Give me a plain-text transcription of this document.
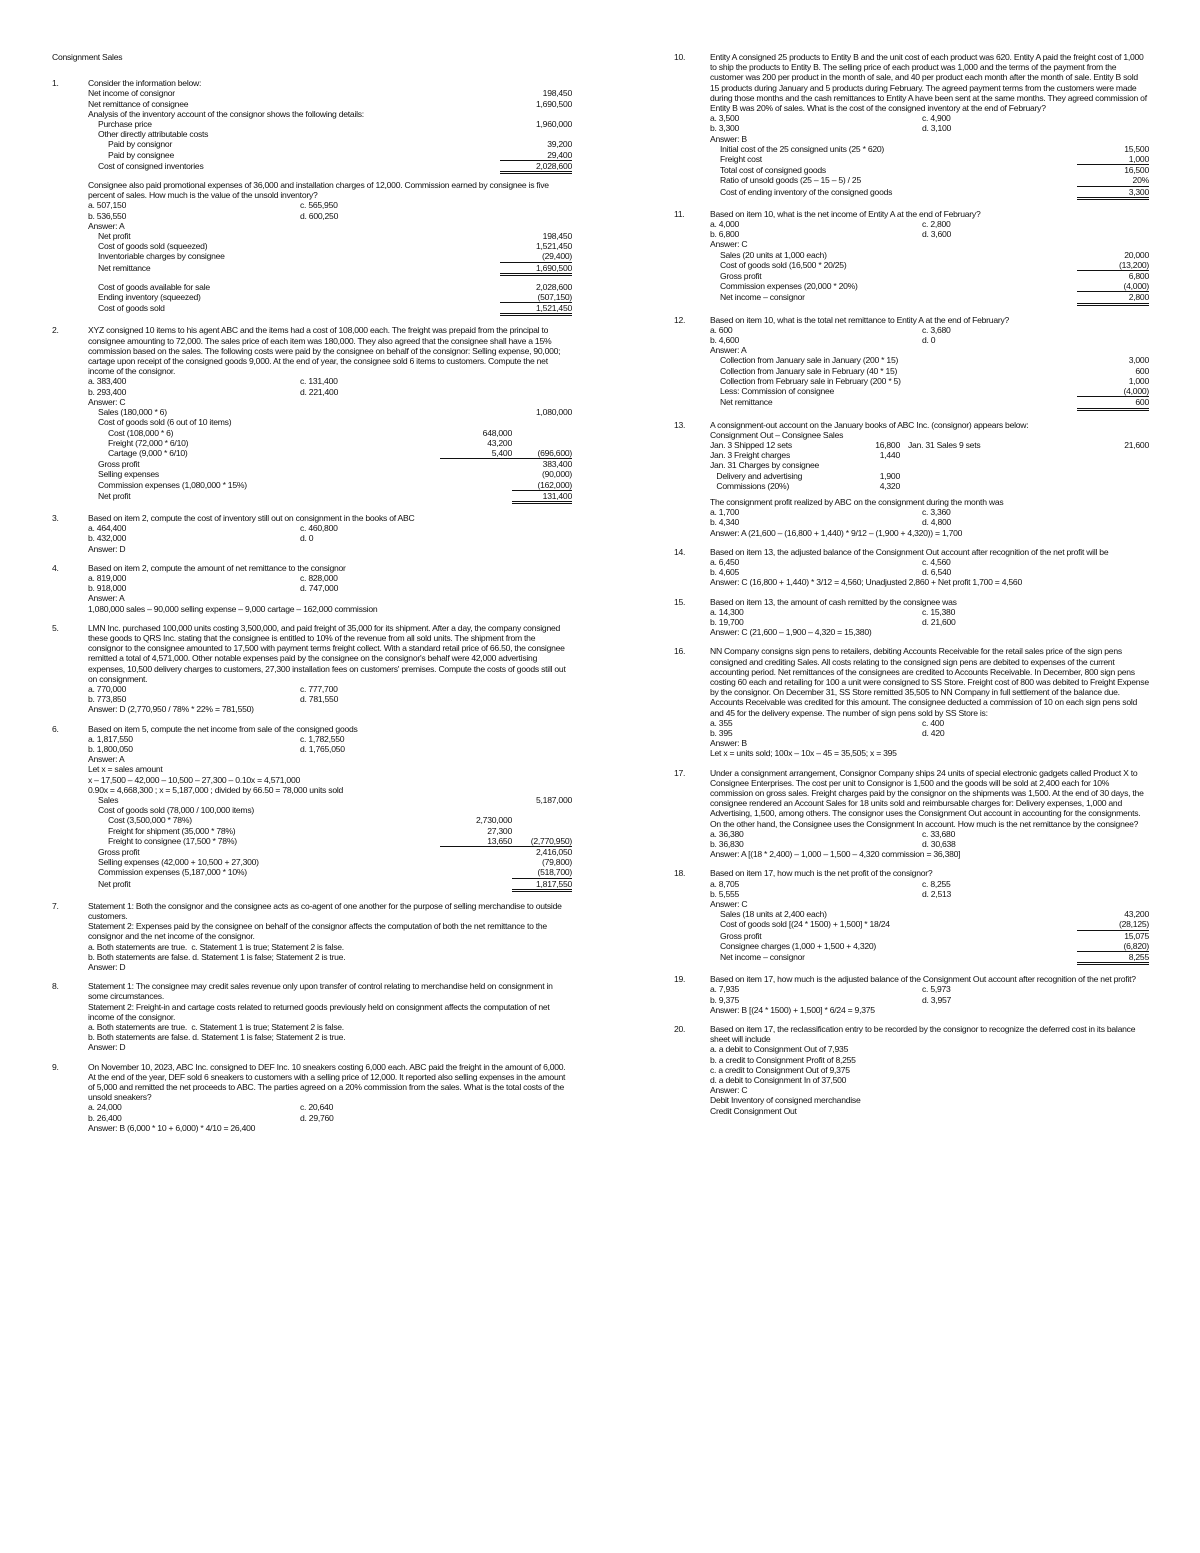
Consignment Sales
1.	Consider the information below:
Net income of consignor	198,450
Net remittance of consignee	1,690,500
Analysis of the inventory account of the consignor shows the following details:
Purchase price	1,960,000
Other directly attributable costs
Paid by consignor	39,200
Paid by consignee	29,400
Cost of consigned inventories	2,028,600
Consignee also paid promotional expenses of 36,000 and installation charges of 12,000. Commission earned by consignee is five percent of sales. How much is the value of the unsold inventory?
a. 507,150	c. 565,950
b. 536,550	d. 600,250
Answer: A
Net profit	198,450
Cost of goods sold (squeezed)	1,521,450
Inventoriable charges by consignee	(29,400)
Net remittance	1,690,500
Cost of goods available for sale	2,028,600
Ending inventory (squeezed)	(507,150)
Cost of goods sold	1,521,450
2.	XYZ consigned 10 items to his agent ABC and the items had a cost of 108,000 each. The freight was prepaid from the principal to consignee amounting to 72,000. The sales price of each item was 180,000. They also agreed that the consignee shall have a 15% commission based on the sales. The following costs were paid by the consignee on behalf of the consignor: Selling expense, 90,000; cartage upon receipt of the consigned goods 9,000. At the end of year, the consignee sold 6 items to customers. Compute the net income of the consignor.
a. 383,400	c. 131,400
b. 293,400	d. 221,400
Answer: C
Sales (180,000 * 6)	1,080,000
Cost of goods sold (6 out of 10 items)
Cost (108,000 * 6)	648,000
Freight (72,000 * 6/10)	43,200
Cartage (9,000 * 6/10)	5,400	(696,600)
Gross profit	383,400
Selling expenses	(90,000)
Commission expenses (1,080,000 * 15%)	(162,000)
Net profit	131,400
3.	Based on item 2, compute the cost of inventory still out on consignment in the books of ABC
a. 464,400	c. 460,800
b. 432,000	d. 0
Answer: D
4.	Based on item 2, compute the amount of net remittance to the consignor
a. 819,000	c. 828,000
b. 918,000	d. 747,000
Answer: A
1,080,000 sales – 90,000 selling expense – 9,000 cartage – 162,000 commission
5.	LMN Inc. purchased 100,000 units costing 3,500,000, and paid freight of 35,000 for its shipment. After a day, the company consigned these goods to QRS Inc. stating that the consignee is entitled to 10% of the revenue from all sold units. The shipment from the consignor to the consignee amounted to 17,500 with payment terms freight collect. With a standard retail price of 66.50, the consignee remitted a total of 4,571,000. Other notable expenses paid by the consignee on the consignor's behalf were 42,000 advertising expenses, 10,500 delivery charges to customers, 27,300 installation fees on customers' premises. Compute the costs of goods still out on consignment.
a. 770,000	c. 777,700
b. 773,850	d. 781,550
Answer: D (2,770,950 / 78% * 22% = 781,550)
6.	Based on item 5, compute the net income from sale of the consigned goods
a. 1,817,550	c. 1,782,550
b. 1,800,050	d. 1,765,050
Answer: A
Let x = sales amount
x – 17,500 – 42,000 – 10,500 – 27,300 – 0.10x = 4,571,000
0.90x = 4,668,300 ; x = 5,187,000 ; divided by 66.50 = 78,000 units sold
Sales	5,187,000
Cost of goods sold (78,000 / 100,000 items)
Cost (3,500,000 * 78%)	2,730,000
Freight for shipment (35,000 * 78%)	27,300
Freight to consignee (17,500 * 78%)	13,650	(2,770,950)
Gross profit	2,416,050
Selling expenses (42,000 + 10,500 + 27,300)	(79,800)
Commission expenses (5,187,000 * 10%)	(518,700)
Net profit	1,817,550
7.	Statement 1: Both the consignor and the consignee acts as co-agent of one another for the purpose of selling merchandise to outside customers.
Statement 2: Expenses paid by the consignee on behalf of the consignor affects the computation of both the net remittance to the consignor and the net income of the consignor.
a. Both statements are true.  c. Statement 1 is true; Statement 2 is false.
b. Both statements are false. d. Statement 1 is false; Statement 2 is true.
Answer: D
8.	Statement 1: The consignee may credit sales revenue only upon transfer of control relating to merchandise held on consignment in some circumstances.
Statement 2: Freight-in and cartage costs related to returned goods previously held on consignment affects the computation of net income of the consignor.
a. Both statements are true.  c. Statement 1 is true; Statement 2 is false.
b. Both statements are false. d. Statement 1 is false; Statement 2 is true.
Answer: D
9.	On November 10, 2023, ABC Inc. consigned to DEF Inc. 10 sneakers costing 6,000 each. ABC paid the freight in the amount of 6,000. At the end of the year, DEF sold 6 sneakers to customers with a selling price of 12,000. It reported also selling expenses in the amount of 5,000 and remitted the net proceeds to ABC. The parties agreed on a 20% commission from the sales. What is the total costs of the unsold sneakers?
a. 24,000	c. 20,640
b. 26,400	d. 29,760
Answer: B (6,000 * 10 + 6,000) * 4/10 = 26,400
10.	Entity A consigned 25 products to Entity B and the unit cost of each product was 620. Entity A paid the freight cost of 1,000 to ship the products to Entity B. The selling price of each product was 1,000 and the terms of the payment from the customer was 200 per product in the month of sale, and 40 per product each month after the month of sale. Entity B sold 15 products during January and 5 products during February. The agreed payment terms from the customers were made during those months and the cash remittances to Entity A have been sent at the same months. They agreed commission of Entity B was 20% of sales. What is the cost of the consigned inventory at the end of February?
a. 3,500	c. 4,900
b. 3,300	d. 3,100
Answer: B
Initial cost of the 25 consigned units (25 * 620)	15,500
Freight cost	1,000
Total cost of consigned goods	16,500
Ratio of unsold goods (25 – 15 – 5) / 25	20%
Cost of ending inventory of the consigned goods	3,300
11.	Based on item 10, what is the net income of Entity A at the end of February?
a. 4,000	c. 2,800
b. 6,800	d. 3,600
Answer: C
Sales (20 units at 1,000 each)	20,000
Cost of goods sold (16,500 * 20/25)	(13,200)
Gross profit	6,800
Commission expenses (20,000 * 20%)	(4,000)
Net income – consignor	2,800
12.	Based on item 10, what is the total net remittance to Entity A at the end of February?
a. 600	c. 3,680
b. 4,600	d. 0
Answer: A
Collection from January sale in January (200 * 15)	3,000
Collection from January sale in February (40 * 15)	600
Collection from February sale in February (200 * 5)	1,000
Less: Commission of consignee	(4,000)
Net remittance	600
13.	A consignment-out account on the January books of ABC Inc. (consignor) appears below:
Consignment Out – Consignee Sales
Jan. 3 Shipped 12 sets	16,800 Jan. 31 Sales 9 sets	21,600
Jan. 3 Freight charges	1,440
Jan. 31 Charges by consignee
Delivery and advertising	1,900
Commissions (20%)	4,320
The consignment profit realized by ABC on the consignment during the month was
a. 1,700	c. 3,360
b. 4,340	d. 4,800
Answer: A (21,600 – (16,800 + 1,440) * 9/12 – (1,900 + 4,320)) = 1,700
14.	Based on item 13, the adjusted balance of the Consignment Out account after recognition of the net profit will be
a. 6,450	c. 4,560
b. 4,605	d. 6,540
Answer: C (16,800 + 1,440) * 3/12 = 4,560; Unadjusted 2,860 + Net profit 1,700 = 4,560
15.	Based on item 13, the amount of cash remitted by the consignee was
a. 14,300	c. 15,380
b. 19,700	d. 21,600
Answer: C (21,600 – 1,900 – 4,320 = 15,380)
16.	NN Company consigns sign pens to retailers, debiting Accounts Receivable for the retail sales price of the sign pens consigned and crediting Sales. All costs relating to the consigned sign pens are debited to expenses of the current accounting period. Net remittances of the consignees are credited to Accounts Receivable. In December, 800 sign pens costing 60 each and retailing for 100 a unit were consigned to SS Store. Freight cost of 800 was debited to Freight Expense by the consignor. On December 31, SS Store remitted 35,505 to NN Company in full settlement of the balance due. Accounts Receivable was credited for this amount. The consignee deducted a commission of 10 on each sign pens sold and 45 for the delivery expense. The number of sign pens sold by SS Store is:
a. 355	c. 400
b. 395	d. 420
Answer: B
Let x = units sold; 100x – 10x – 45 = 35,505; x = 395
17.	Under a consignment arrangement, Consignor Company ships 24 units of special electronic gadgets called Product X to Consignee Enterprises. The cost per unit to Consignor is 1,500 and the goods will be sold at 2,400 each for 10% commission on gross sales. Freight charges paid by the consignor on the shipments was 1,500. At the end of 30 days, the consignee rendered an Account Sales for 18 units sold and reimbursable charges for: Delivery expenses, 1,000 and Advertising, 1,500, among others. The consignor uses the Consignment Out account in accounting for the consignments. On the other hand, the Consignee uses the Consignment In account. How much is the net remittance by the consignee?
a. 36,380	c. 33,680
b. 36,830	d. 30,638
Answer: A [(18 * 2,400) – 1,000 – 1,500 – 4,320 commission = 36,380]
18.	Based on item 17, how much is the net profit of the consignor?
a. 8,705	c. 8,255
b. 5,555	d. 2,513
Answer: C
Sales (18 units at 2,400 each)	43,200
Cost of goods sold [(24 * 1500) + 1,500] * 18/24	(28,125)
Gross profit	15,075
Consignee charges (1,000 + 1,500 + 4,320)	(6,820)
Net income – consignor	8,255
19.	Based on item 17, how much is the adjusted balance of the Consignment Out account after recognition of the net profit?
a. 7,935	c. 5,973
b. 9,375	d. 3,957
Answer: B [(24 * 1500) + 1,500] * 6/24 = 9,375
20.	Based on item 17, the reclassification entry to be recorded by the consignor to recognize the deferred cost in its balance sheet will include
a. a debit to Consignment Out of 7,935
b. a credit to Consignment Profit of 8,255
c. a credit to Consignment Out of 9,375
d. a debit to Consignment In of 37,500
Answer: C
Debit Inventory of consigned merchandise
Credit Consignment Out
